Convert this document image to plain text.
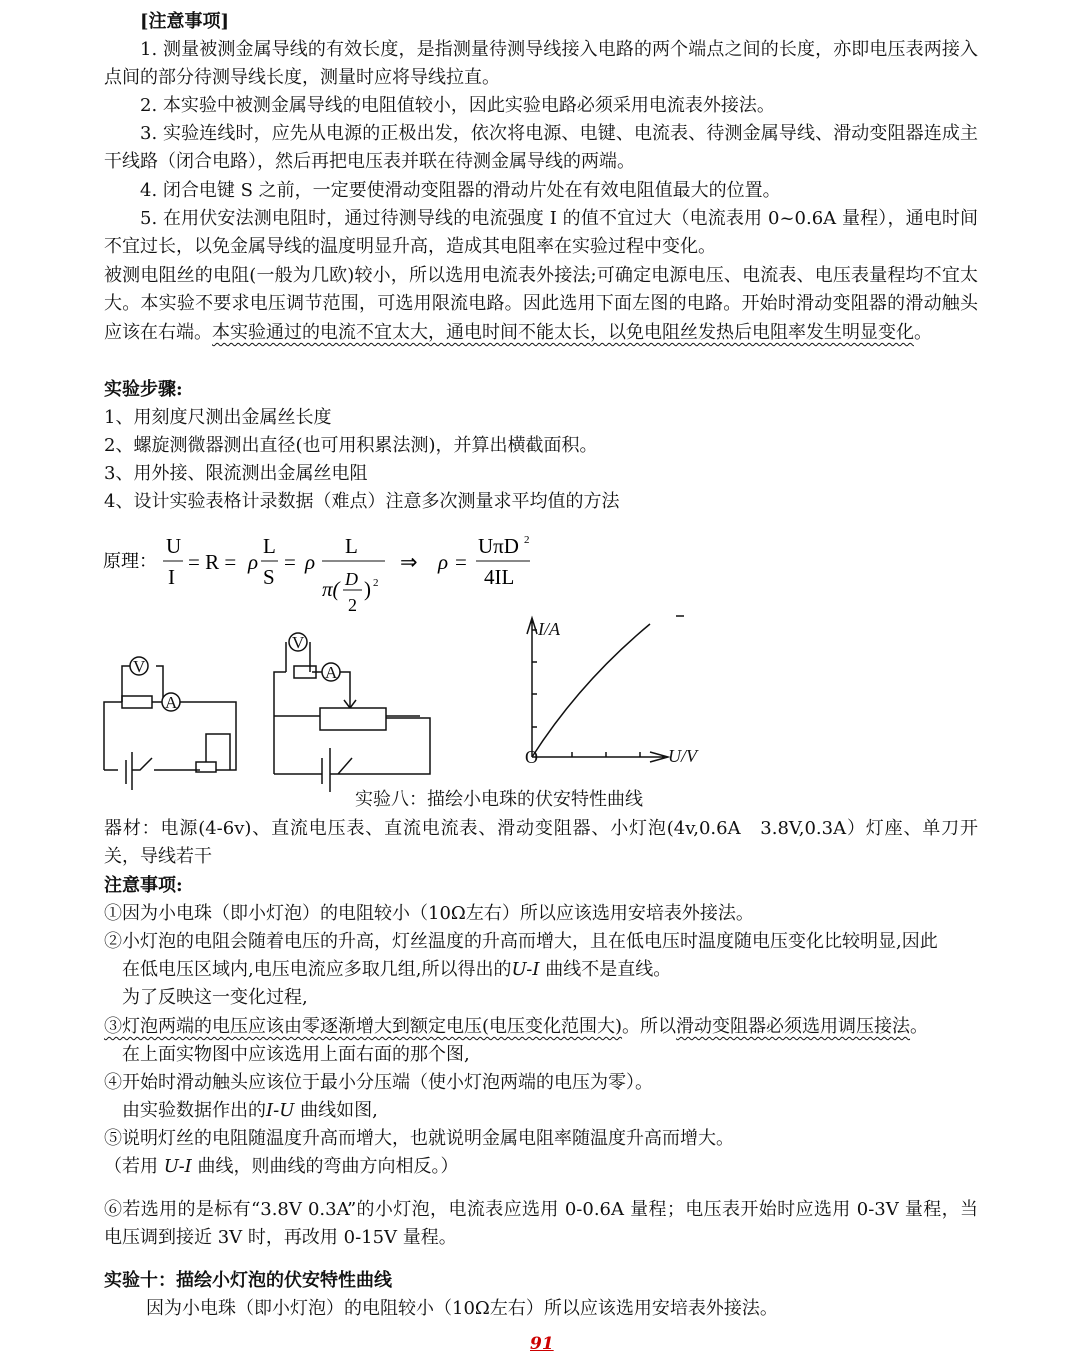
[注意事项]
1. 测量被测金属导线的有效长度，是指测量待测导线接入电路的两个端点之间的长度，亦即电压表两接入点间的部分待测导线长度，测量时应将导线拉直。
2. 本实验中被测金属导线的电阻值较小，因此实验电路必须采用电流表外接法。
3. 实验连线时，应先从电源的正极出发，依次将电源、电键、电流表、待测金属导线、滑动变阻器连成主干线路（闭合电路），然后再把电压表并联在待测金属导线的两端。
4. 闭合电键 S 之前，一定要使滑动变阻器的滑动片处在有效电阻值最大的位置。
5. 在用伏安法测电阻时，通过待测导线的电流强度 I 的值不宜过大（电流表用 0~0.6A 量程），通电时间不宜过长，以免金属导线的温度明显升高，造成其电阻率在实验过程中变化。
被测电阻丝的电阻(一般为几欧)较小，所以选用电流表外接法;可确定电源电压、电流表、电压表量程均不宜太大。本实验不要求电压调节范围，可选用限流电路。因此选用下面左图的电路。开始时滑动变阻器的滑动触头应该在右端。本实验通过的电流不宜太大，通电时间不能太长，以免电阻丝发热后电阻率发生明显变化。
实验步骤:
1、用刻度尺测出金属丝长度
2、螺旋测微器测出直径(也可用积累法测)，并算出横截面积。
3、用外接、限流测出金属丝电阻
4、设计实验表格计录数据（难点）注意多次测量求平均值的方法
原理：
U
I
= R = ρ
L
S
= ρ
L
π( D
2
) 2
⇒ ρ =
UπD 2
4IL
V
A
V
A
I/A
U/V
O
实验八：描绘小电珠的伏安特性曲线
器材：电源(4-6v)、直流电压表、直流电流表、滑动变阻器、小灯泡(4v,0.6A　3.8V,0.3A）灯座、单刀开关，导线若干
注意事项:
①因为小电珠（即小灯泡）的电阻较小（10Ω左右）所以应该选用安培表外接法。
②小灯泡的电阻会随着电压的升高，灯丝温度的升高而增大，且在低电压时温度随电压变化比较明显,因此
在低电压区域内,电压电流应多取几组,所以得出的U-I 曲线不是直线。
为了反映这一变化过程,
③灯泡两端的电压应该由零逐渐增大到额定电压(电压变化范围大)。所以滑动变阻器必须选用调压接法。
在上面实物图中应该选用上面右面的那个图,
④开始时滑动触头应该位于最小分压端（使小灯泡两端的电压为零）。
由实验数据作出的I-U 曲线如图,
⑤说明灯丝的电阻随温度升高而增大，也就说明金属电阻率随温度升高而增大。
（若用 U-I 曲线，则曲线的弯曲方向相反。）
⑥若选用的是标有“3.8V 0.3A”的小灯泡，电流表应选用 0-0.6A 量程；电压表开始时应选用 0-3V 量程，当电压调到接近 3V 时，再改用 0-15V 量程。
实验十：描绘小灯泡的伏安特性曲线
因为小电珠（即小灯泡）的电阻较小（10Ω左右）所以应该选用安培表外接法。
91
